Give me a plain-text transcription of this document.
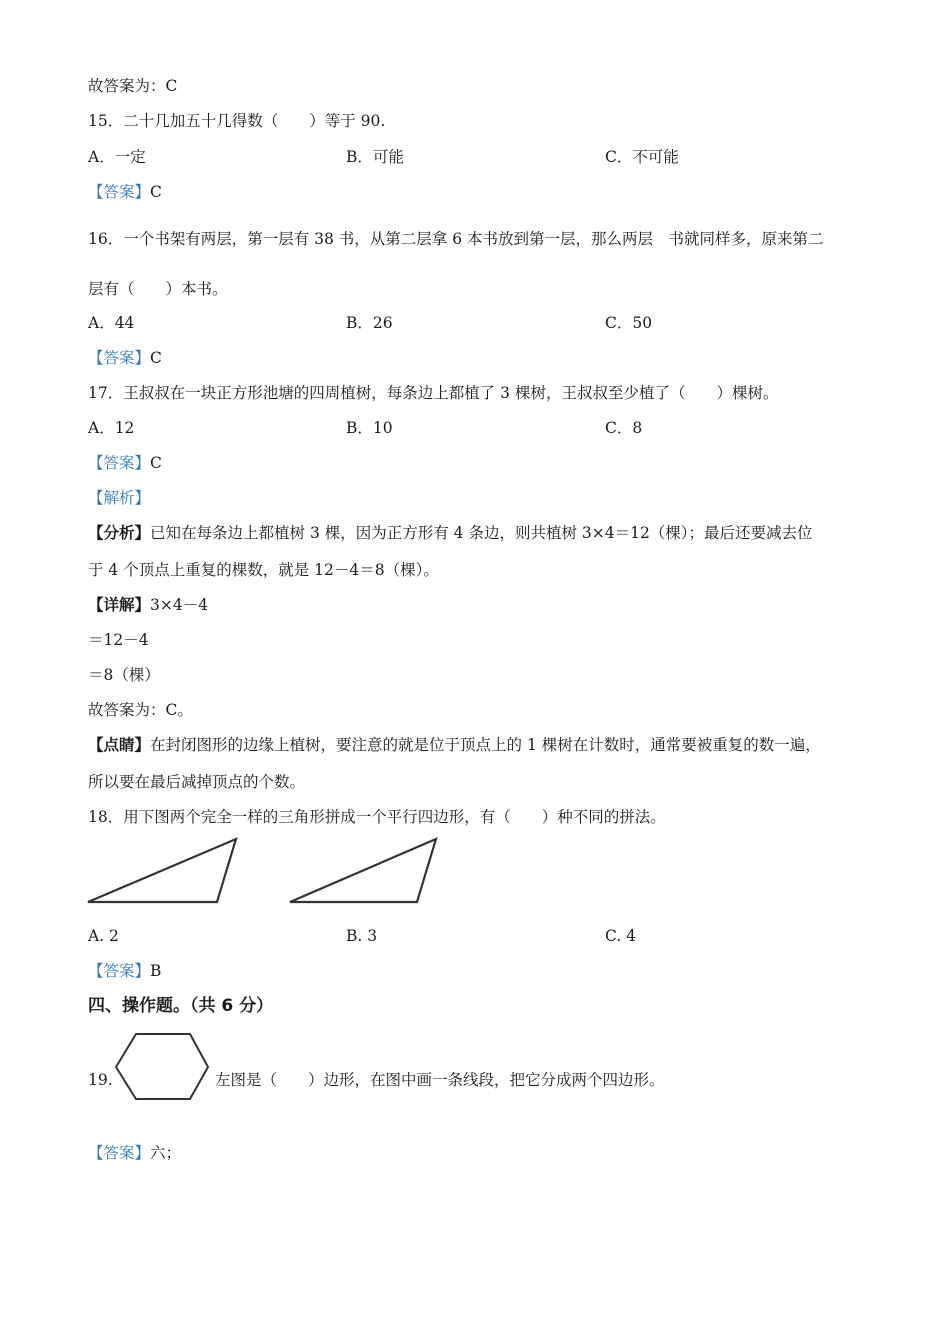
故答案为：C
15．二十几加五十几得数（　　）等于 90.
A．一定	B．可能	C．不可能
【答案】C
16．一个书架有两层，第一层有 38 书，从第二层拿 6 本书放到第一层，那么两层　书就同样多，原来第二
层有（　　）本书。
A．44	B．26	C．50
【答案】C
17．王叔叔在一块正方形池塘的四周植树，每条边上都植了 3 棵树，王叔叔至少植了（　　）棵树。
A．12	B．10	C．8
【答案】C
【解析】
【分析】已知在每条边上都植树 3 棵，因为正方形有 4 条边，则共植树 3×4＝12（棵）；最后还要减去位
于 4 个顶点上重复的棵数，就是 12－4＝8（棵）。
【详解】3×4－4
＝12－4
＝8（棵）
故答案为：C。
【点睛】在封闭图形的边缘上植树，要注意的就是位于顶点上的 1 棵树在计数时，通常要被重复的数一遍，
所以要在最后减掉顶点的个数。
18．用下图两个完全一样的三角形拼成一个平行四边形，有（　　）种不同的拼法。
A. 2	B. 3	C. 4
【答案】B
四、操作题。（共 6 分）
19.	左图是（　　）边形，在图中画一条线段，把它分成两个四边形。
【答案】六；
